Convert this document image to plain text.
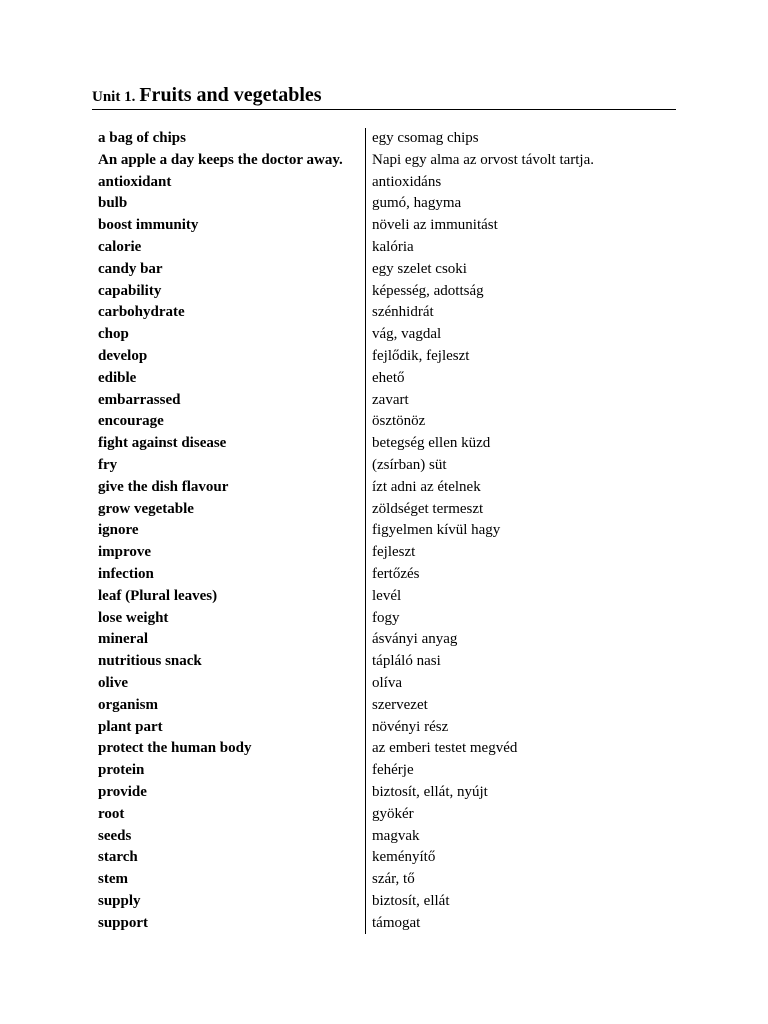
Unit 1. Fruits and vegetables
a bag of chips	egy csomag chips
An apple a day keeps the doctor away.	Napi egy alma az orvost távolt tartja.
antioxidant	antioxidáns
bulb	gumó, hagyma
boost immunity	növeli az immunitást
calorie	kalória
candy bar	egy szelet csoki
capability	képesség, adottság
carbohydrate	szénhidrát
chop	vág, vagdal
develop	fejlődik, fejleszt
edible	ehető
embarrassed	zavart
encourage	ösztönöz
fight against disease	betegség ellen küzd
fry	(zsírban) süt
give the dish flavour	ízt adni az ételnek
grow vegetable	zöldséget termeszt
ignore	figyelmen kívül hagy
improve	fejleszt
infection	fertőzés
leaf (Plural leaves)	levél
lose weight	fogy
mineral	ásványi anyag
nutritious snack	tápláló nasi
olive	olíva
organism	szervezet
plant part	növényi rész
protect the human body	az emberi testet megvéd
protein	fehérje
provide	biztosít, ellát, nyújt
root	gyökér
seeds	magvak
starch	keményítő
stem	szár, tő
supply	biztosít, ellát
support	támogat
